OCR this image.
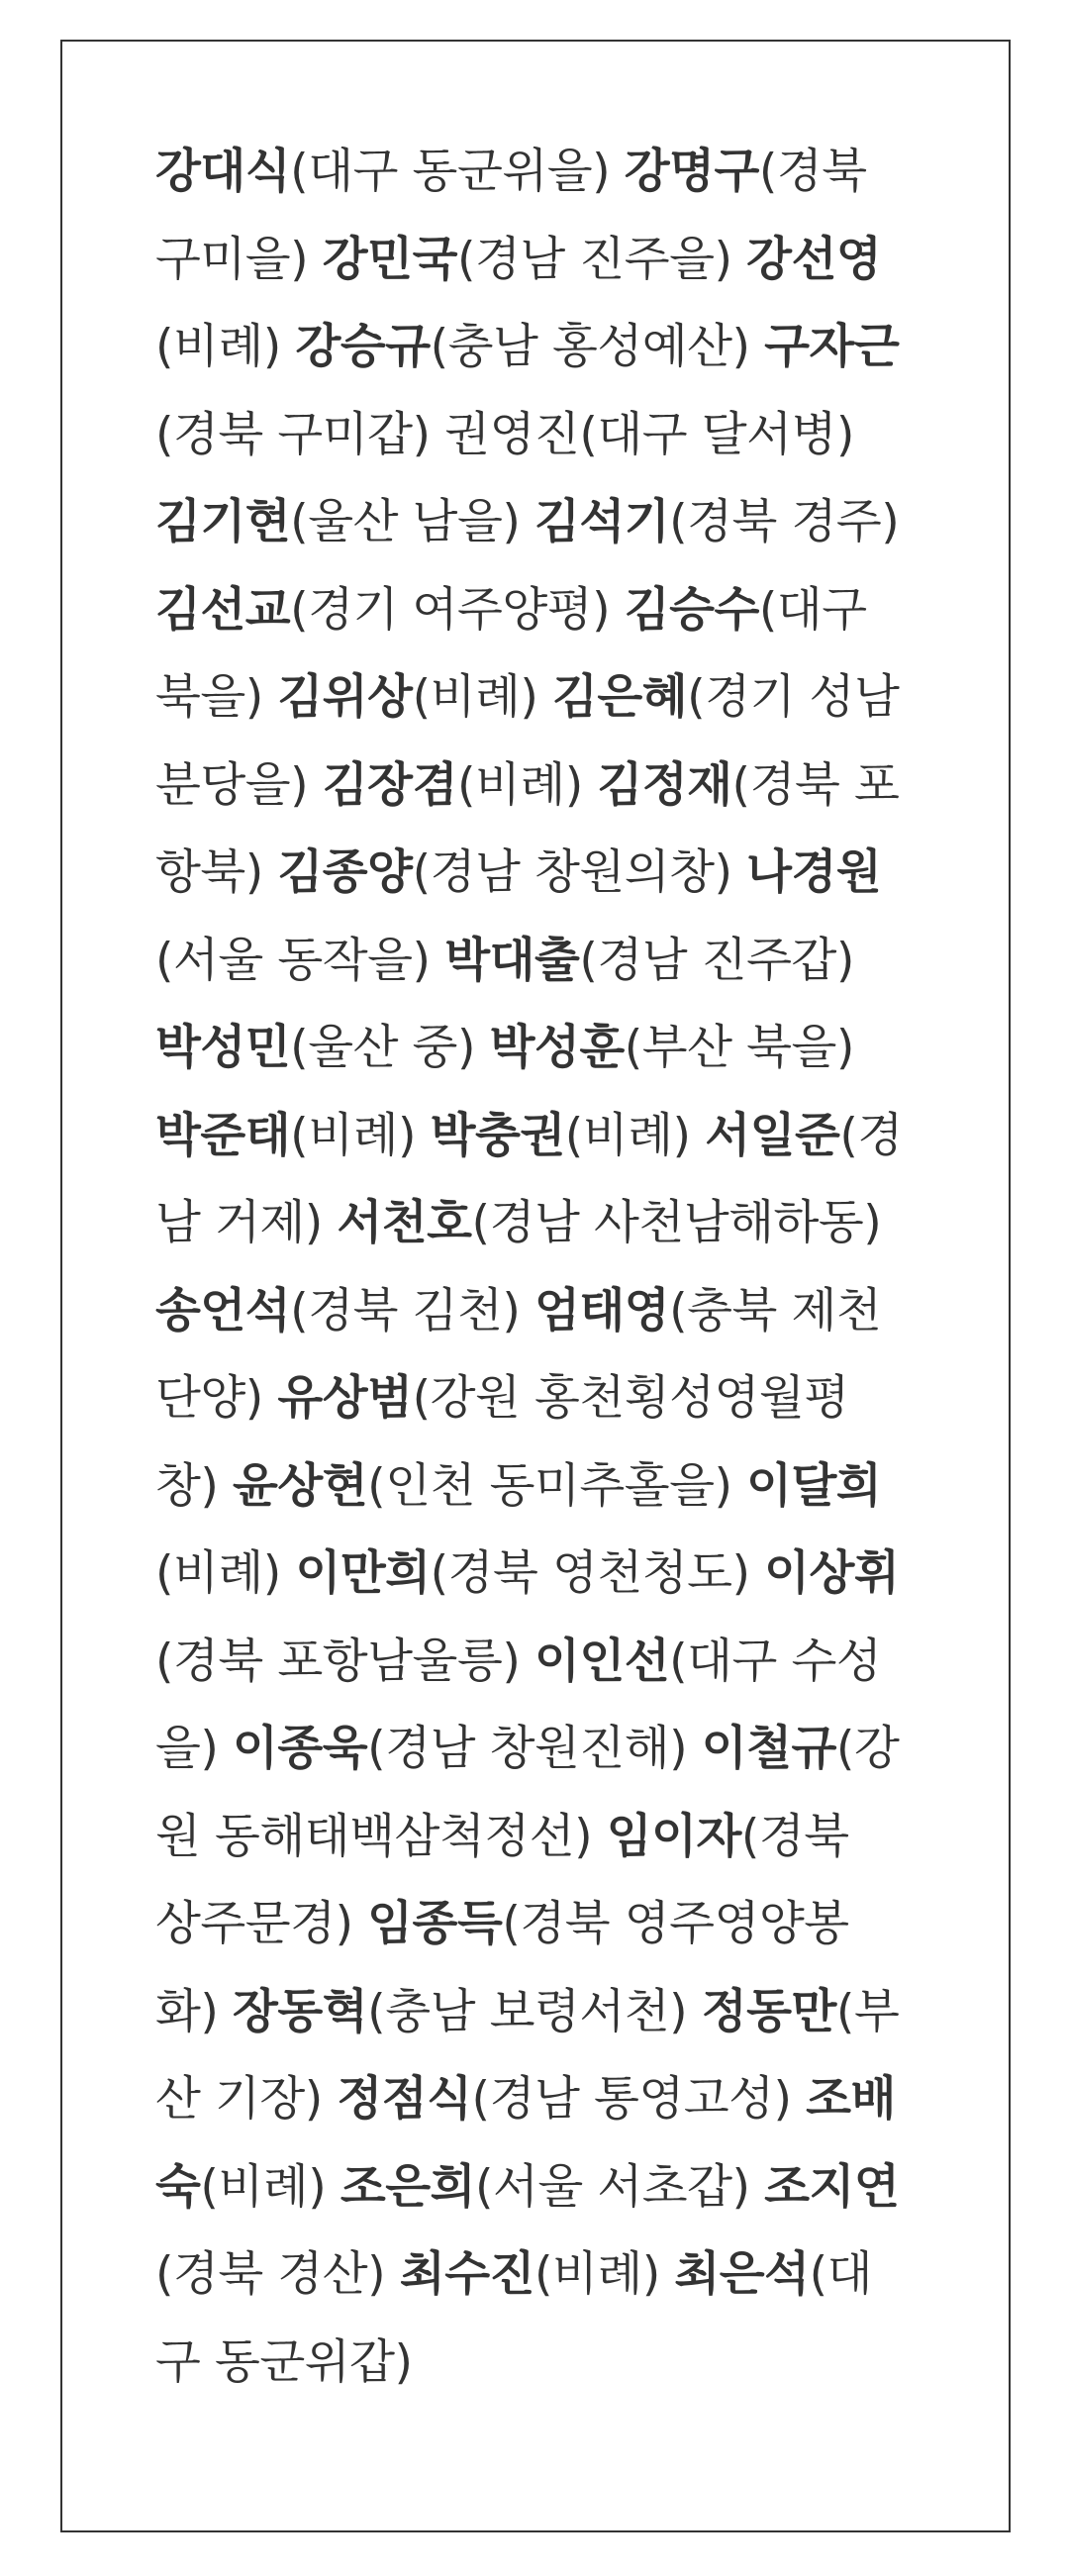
강대식(대구 동군위을) 강명구(경북
구미을) 강민국(경남 진주을) 강선영
(비례) 강승규(충남 홍성예산) 구자근
(경북 구미갑) 권영진(대구 달서병)
김기현(울산 남을) 김석기(경북 경주)
김선교(경기 여주양평) 김승수(대구
북을) 김위상(비례) 김은혜(경기 성남
분당을) 김장겸(비례) 김정재(경북 포
항북) 김종양(경남 창원의창) 나경원
(서울 동작을) 박대출(경남 진주갑)
박성민(울산 중) 박성훈(부산 북을)
박준태(비례) 박충권(비례) 서일준(경
남 거제) 서천호(경남 사천남해하동)
송언석(경북 김천) 엄태영(충북 제천
단양) 유상범(강원 홍천횡성영월평
창) 윤상현(인천 동미추홀을) 이달희
(비례) 이만희(경북 영천청도) 이상휘
(경북 포항남울릉) 이인선(대구 수성
을) 이종욱(경남 창원진해) 이철규(강
원 동해태백삼척정선) 임이자(경북
상주문경) 임종득(경북 영주영양봉
화) 장동혁(충남 보령서천) 정동만(부
산 기장) 정점식(경남 통영고성) 조배
숙(비례) 조은희(서울 서초갑) 조지연
(경북 경산) 최수진(비례) 최은석(대
구 동군위갑)
